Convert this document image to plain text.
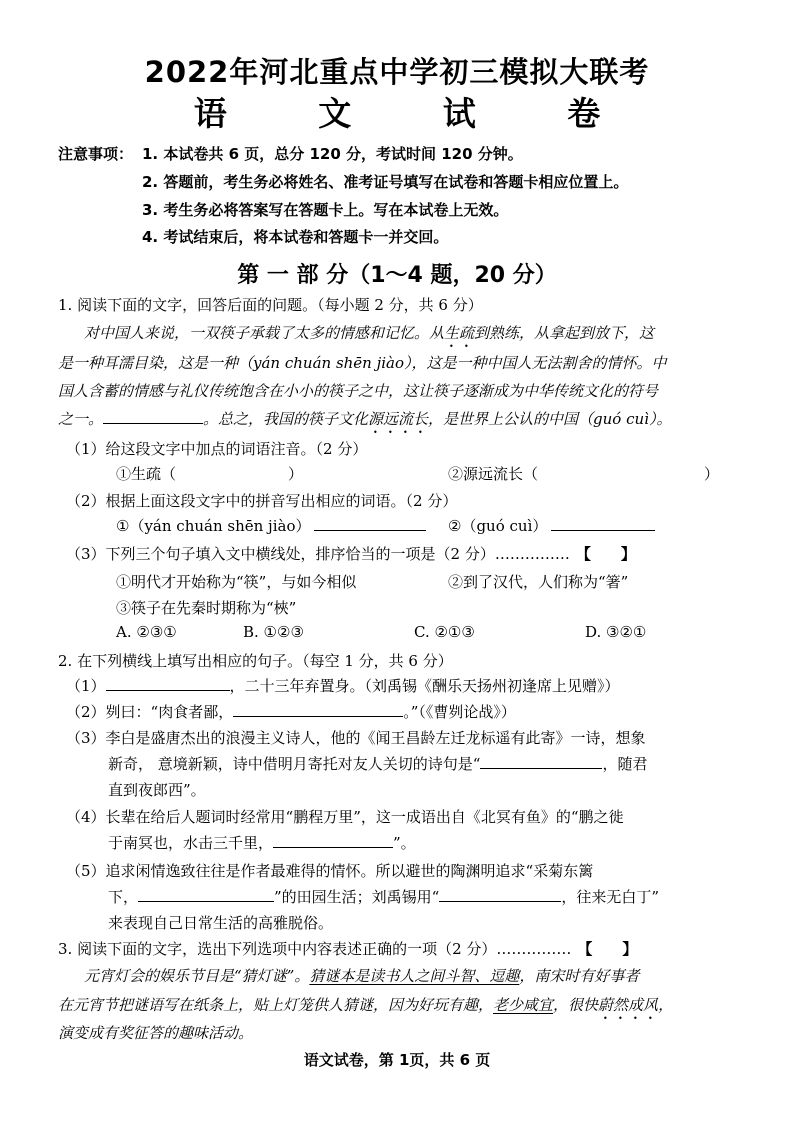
2022年河北重点中学初三模拟大联考
语 文 试 卷
注意事项： 1. 本试卷共 6 页，总分 120 分，考试时间 120 分钟。
2. 答题前，考生务必将姓名、准考证号填写在试卷和答题卡相应位置上。
3. 考生务必将答案写在答题卡上。写在本试卷上无效。
4. 考试结束后，将本试卷和答题卡一并交回。
第 一 部 分（1～4 题，20 分）
1. 阅读下面的文字，回答后面的问题。（每小题 2 分，共 6 分）
对中国人来说，一双筷子承载了太多的情感和记忆。从生疏到熟练，从拿起到放下，这
是一种耳濡目染，这是一种（yán chuán shēn jiào），这是一种中国人无法割舍的情怀。中
国人含蓄的情感与礼仪传统饱含在小小的筷子之中，这让筷子逐渐成为中华传统文化的符号
之一。	。总之，我国的筷子文化源远流长，是世界上公认的中国（guó cuì）。
（1）给这段文字中加点的词语注音。（2 分）
①生疏（	）	②源远流长（	）
（2）根据上面这段文字中的拼音写出相应的词语。（2 分）
①（yán chuán shēn jiào）	②（guó cuì）
（3）下列三个句子填入文中横线处，排序恰当的一项是（2 分）…………… 【　　】
①明代才开始称为“筷”，与如今相似	②到了汉代，人们称为“箸”
③筷子在先秦时期称为“梜”
A. ②③①	B. ①②③	C. ②①③	D. ③②①
2. 在下列横线上填写出相应的句子。（每空 1 分，共 6 分）
（1）	，二十三年弃置身。（刘禹锡《酬乐天扬州初逢席上见赠》）
（2）刿曰：“肉食者鄙，	。”（《曹刿论战》）
（3）李白是盛唐杰出的浪漫主义诗人，他的《闻王昌龄左迁龙标遥有此寄》一诗，想象
新奇， 意境新颖，诗中借明月寄托对友人关切的诗句是“	，随君
直到夜郎西”。
（4）长辈在给后人题词时经常用“鹏程万里”，这一成语出自《北冥有鱼》的“鹏之徙
于南冥也，水击三千里，	”。
（5）追求闲情逸致往往是作者最难得的情怀。所以避世的陶渊明追求“采菊东篱
下，	”的田园生活；刘禹锡用“	，往来无白丁”
来表现自己日常生活的高雅脱俗。
3. 阅读下面的文字，选出下列选项中内容表述正确的一项（2 分）…………… 【　　】
元宵灯会的娱乐节目是“猜灯谜”。猜谜本是读书人之间斗智、逗趣，南宋时有好事者
在元宵节把谜语写在纸条上，贴上灯笼供人猜谜，因为好玩有趣，老少咸宜，很快蔚然成风，
演变成有奖征答的趣味活动。
语文试卷，第 1页，共 6 页
